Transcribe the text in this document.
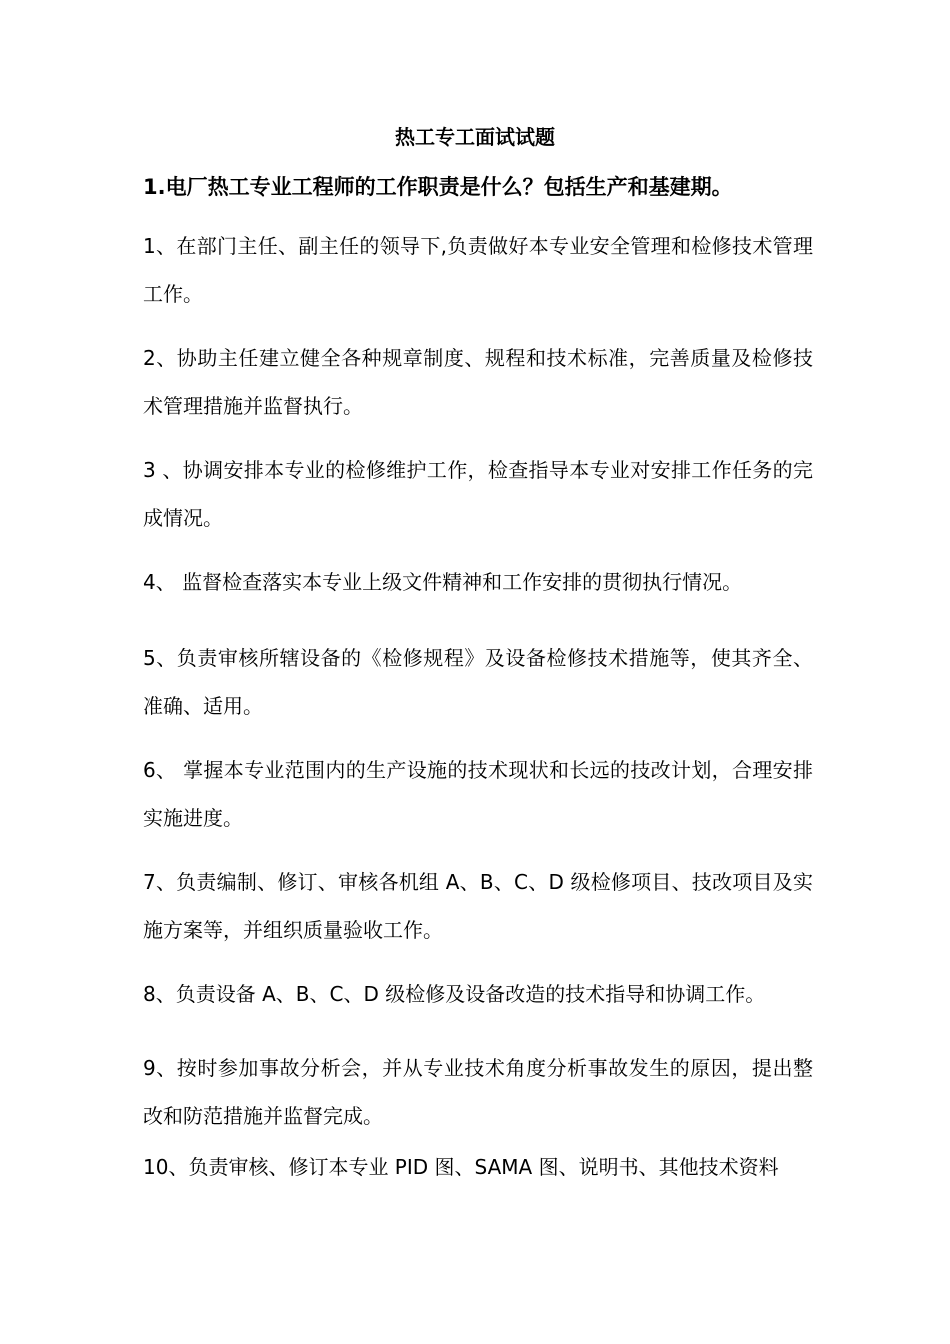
热工专工面试试题

1.电厂热工专业工程师的工作职责是什么？包括生产和基建期。

1、在部门主任、副主任的领导下,负责做好本专业安全管理和检修技术管理工作。

2、协助主任建立健全各种规章制度、规程和技术标准，完善质量及检修技术管理措施并监督执行。

3 、协调安排本专业的检修维护工作，检查指导本专业对安排工作任务的完成情况。

4、 监督检查落实本专业上级文件精神和工作安排的贯彻执行情况。

5、负责审核所辖设备的《检修规程》及设备检修技术措施等，使其齐全、准确、适用。

6、 掌握本专业范围内的生产设施的技术现状和长远的技改计划，合理安排实施进度。

7、负责编制、修订、审核各机组 A、B、C、D 级检修项目、技改项目及实施方案等，并组织质量验收工作。

8、负责设备 A、B、C、D 级检修及设备改造的技术指导和协调工作。

9、按时参加事故分析会，并从专业技术角度分析事故发生的原因，提出整改和防范措施并监督完成。

10、负责审核、修订本专业 PID 图、SAMA 图、说明书、其他技术资料
